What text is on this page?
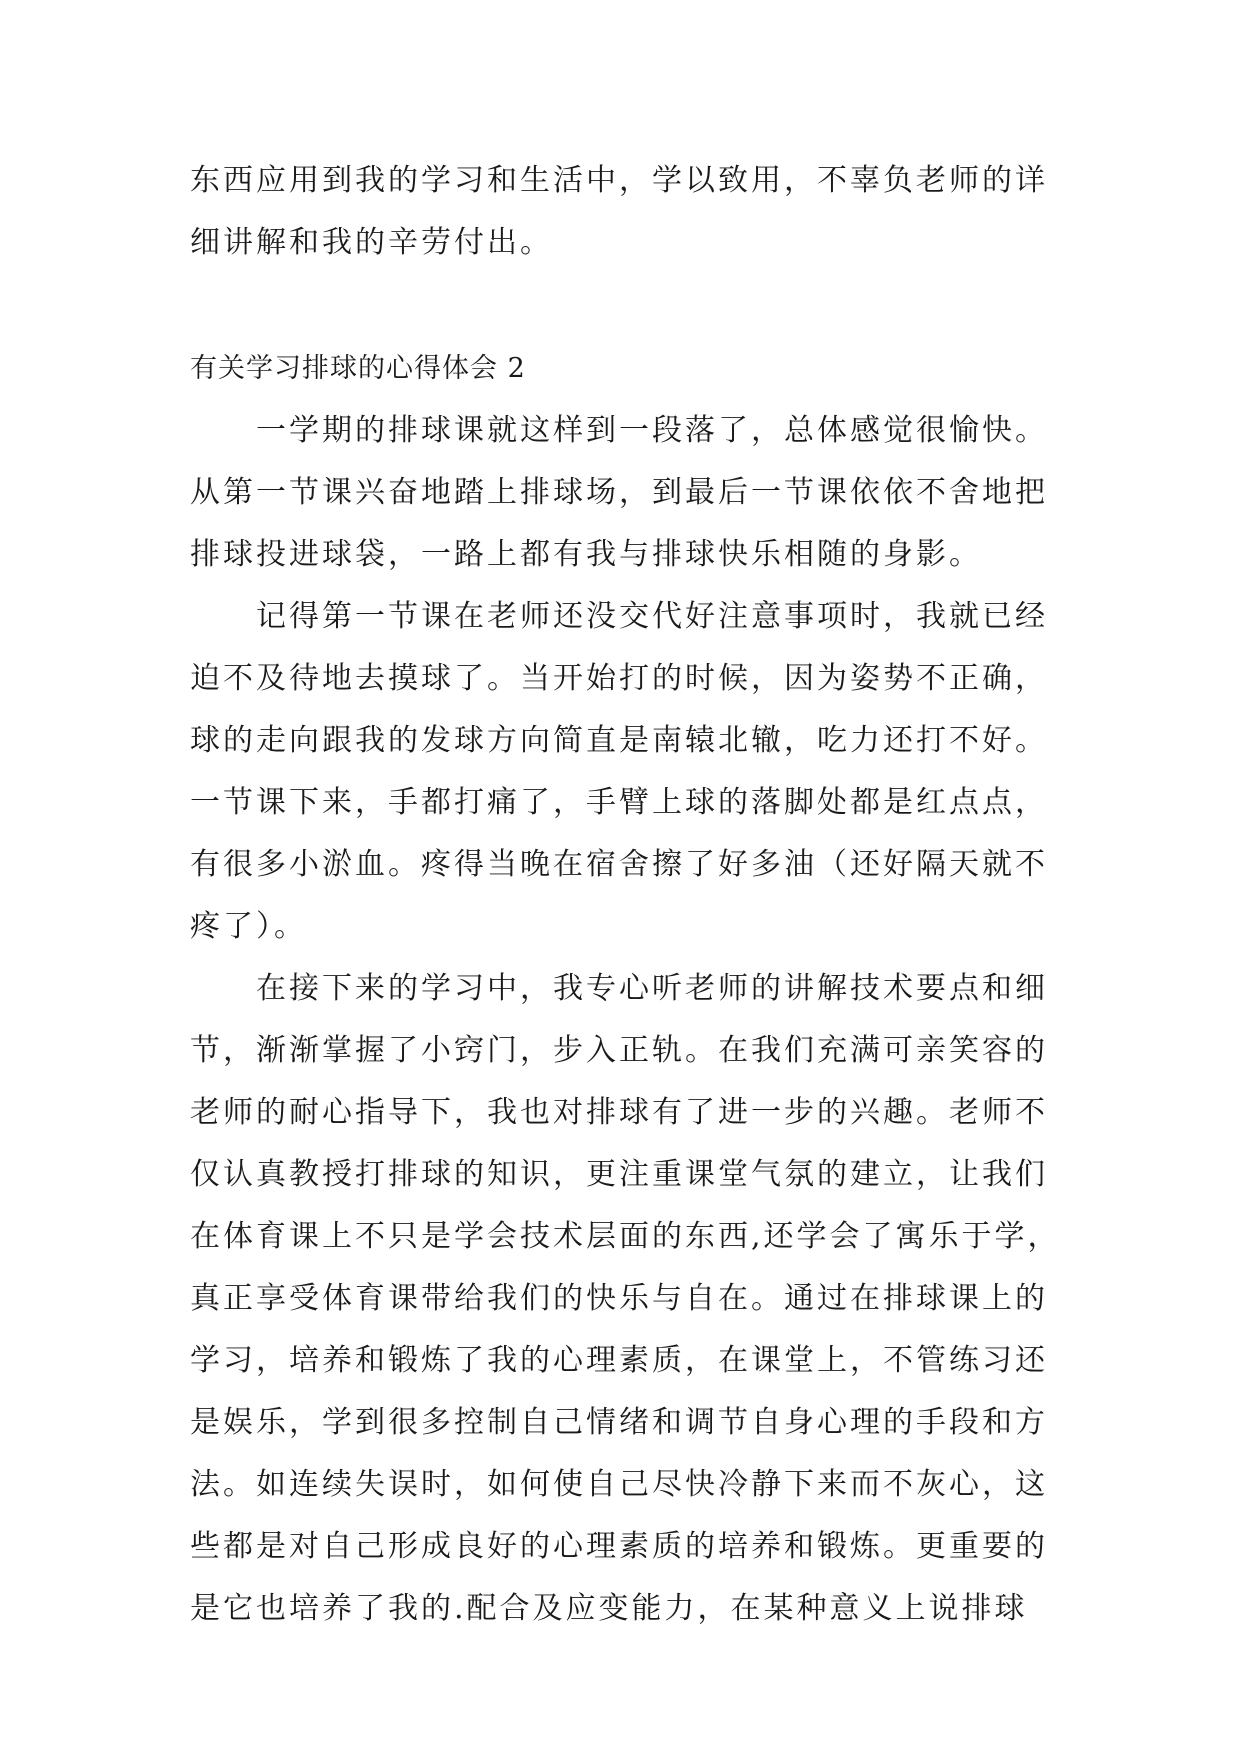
东西应用到我的学习和生活中，学以致用，不辜负老师的详
细讲解和我的辛劳付出。
有关学习排球的心得体会 2
　　一学期的排球课就这样到一段落了，总体感觉很愉快。
从第一节课兴奋地踏上排球场，到最后一节课依依不舍地把
排球投进球袋，一路上都有我与排球快乐相随的身影。
　　记得第一节课在老师还没交代好注意事项时，我就已经
迫不及待地去摸球了。当开始打的时候，因为姿势不正确，
球的走向跟我的发球方向简直是南辕北辙，吃力还打不好。
一节课下来，手都打痛了，手臂上球的落脚处都是红点点，
有很多小淤血。疼得当晚在宿舍擦了好多油（还好隔天就不
疼了）。
　　在接下来的学习中，我专心听老师的讲解技术要点和细
节，渐渐掌握了小窍门，步入正轨。在我们充满可亲笑容的
老师的耐心指导下，我也对排球有了进一步的兴趣。老师不
仅认真教授打排球的知识，更注重课堂气氛的建立，让我们
在体育课上不只是学会技术层面的东西,还学会了寓乐于学，
真正享受体育课带给我们的快乐与自在。通过在排球课上的
学习，培养和锻炼了我的心理素质，在课堂上，不管练习还
是娱乐，学到很多控制自己情绪和调节自身心理的手段和方
法。如连续失误时，如何使自己尽快冷静下来而不灰心，这
些都是对自己形成良好的心理素质的培养和锻炼。更重要的
是它也培养了我的.配合及应变能力，在某种意义上说排球
